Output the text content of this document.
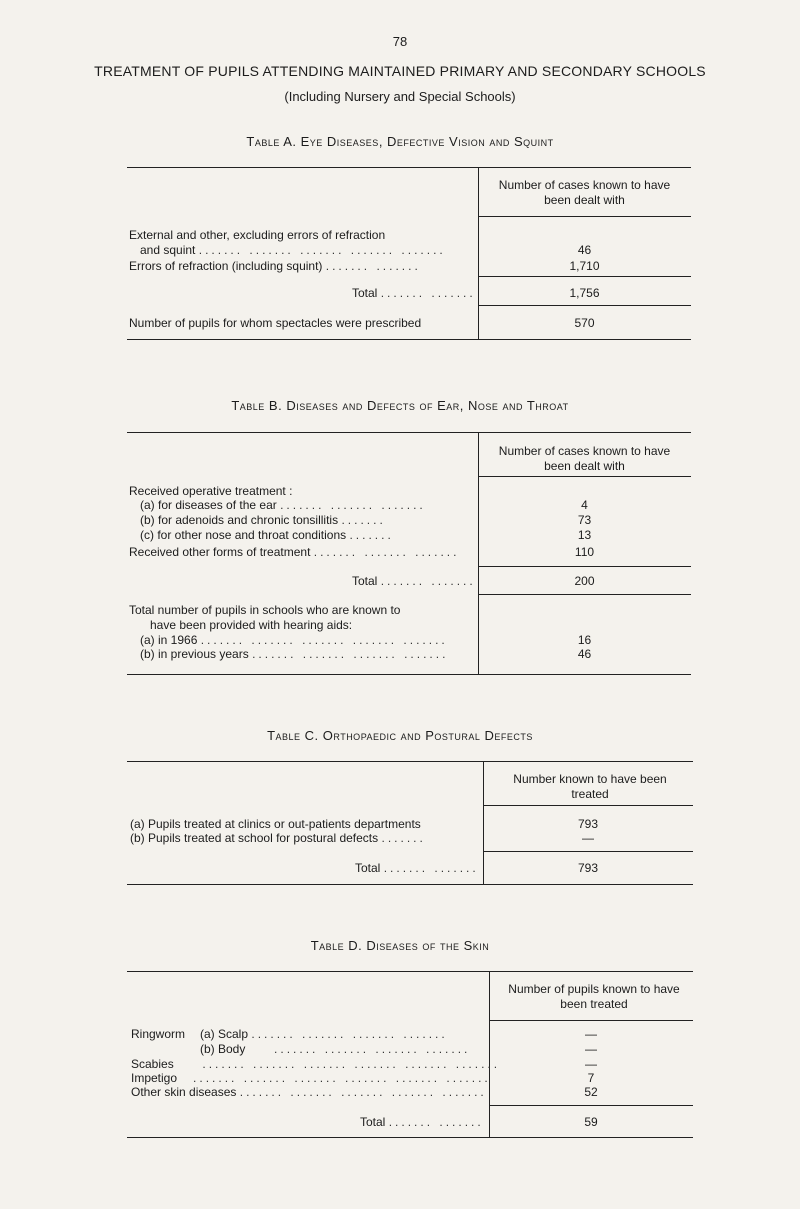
78
TREATMENT OF PUPILS ATTENDING MAINTAINED PRIMARY AND SECONDARY SCHOOLS
(Including Nursery and Special Schools)
Table A. Eye Diseases, Defective Vision and Squint
Number of cases known to have been dealt with
External and other, excluding errors of refraction
and squint ....... ....... ....... ....... .......	46
Errors of refraction (including squint) ....... .......	1,710
Total ....... .......	1,756
Number of pupils for whom spectacles were prescribed	570
Table B. Diseases and Defects of Ear, Nose and Throat
Number of cases known to have been dealt with
Received operative treatment :
(a) for diseases of the ear ....... ....... .......	4
(b) for adenoids and chronic tonsillitis .......	73
(c) for other nose and throat conditions .......	13
Received other forms of treatment ....... ....... .......	110
Total ....... .......	200
Total number of pupils in schools who are known to
have been provided with hearing aids:
(a) in 1966 ....... ....... ....... ....... .......	16
(b) in previous years ....... ....... ....... .......	46
Table C. Orthopaedic and Postural Defects
Number known to have been treated
(a) Pupils treated at clinics or out-patients departments	793
(b) Pupils treated at school for postural defects .......	—
Total ....... .......	793
Table D. Diseases of the Skin
Number of pupils known to have been treated
Ringworm (a) Scalp ....... ....... ....... .......	—
(b) Body     ....... ....... ....... .......	—
Scabies     ....... ....... ....... ....... ....... .......	—
Impetigo   ....... ....... ....... ....... ....... .......	7
Other skin diseases ....... ....... ....... ....... .......	52
Total ....... .......	59
